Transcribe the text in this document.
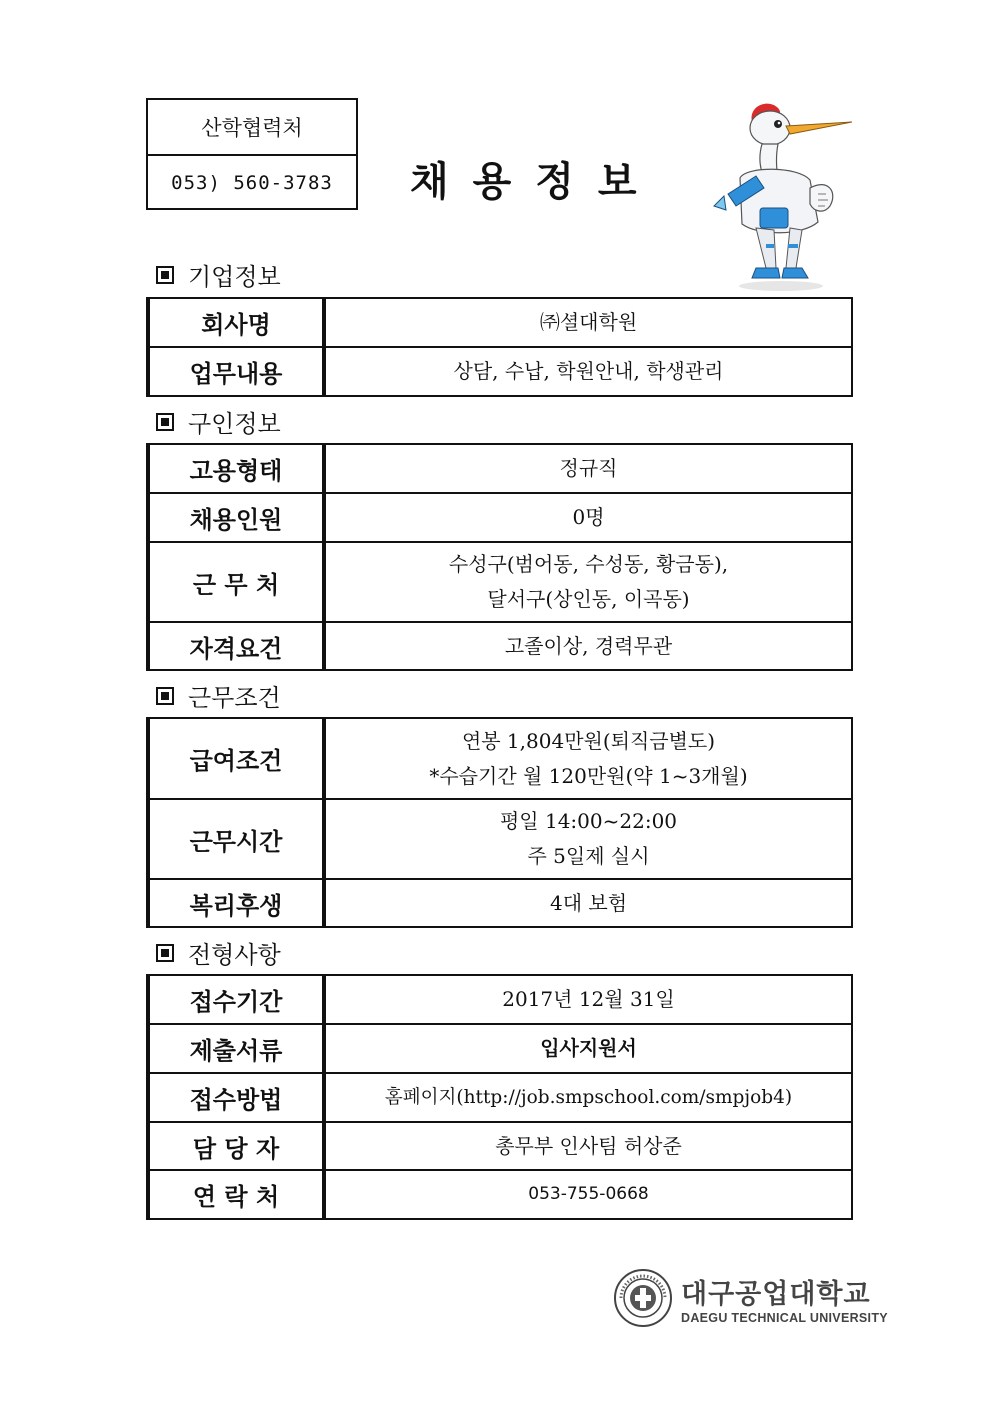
산학협력처
053) 560-3783	채용정보
기업정보
회사명	㈜셜대학원
업무내용	상담, 수납, 학원안내, 학생관리
구인정보
고용형태	정규직
채용인원	0명
근 무 처	수성구(범어동, 수성동, 황금동),
달서구(상인동, 이곡동)

자격요건	고졸이상, 경력무관
근무조건
급여조건	연봉 1,804만원(퇴직금별도)
*수습기간 월 120만원(약 1~3개월)

근무시간	평일 14:00~22:00
주 5일제 실시

복리후생	4대 보험
전형사항
접수기간	2017년 12월 31일
제출서류	입사지원서
접수방법	홈페이지(http://job.smpschool.com/smpjob4)
담 당 자	총무부 인사팀 허상준
연 락 처	053-755-0668
대구공업대학교
DAEGU TECHNICAL UNIVERSITY
